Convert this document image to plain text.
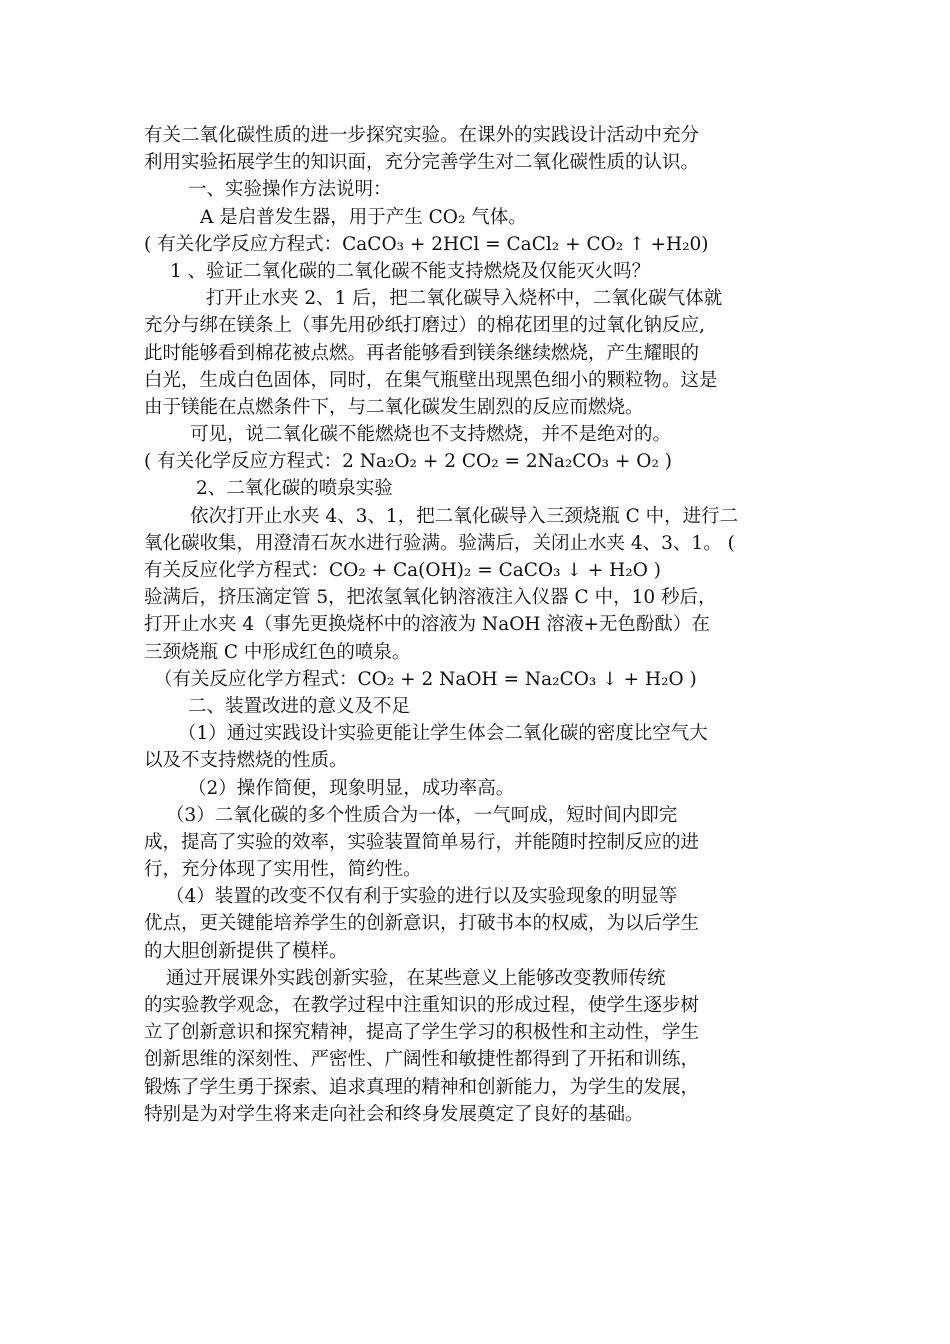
有关二氧化碳性质的进一步探究实验。在课外的实践设计活动中充分
利用实验拓展学生的知识面，充分完善学生对二氧化碳性质的认识。
一、实验操作方法说明：
A 是启普发生器，用于产生 CO₂ 气体。
( 有关化学反应方程式：CaCO₃ + 2HCl = CaCl₂ + CO₂ ↑ +H₂0)
1 、验证二氧化碳的二氧化碳不能支持燃烧及仅能灭火吗？
打开止水夹 2、1 后，把二氧化碳导入烧杯中，二氧化碳气体就
充分与绑在镁条上（事先用砂纸打磨过）的棉花团里的过氧化钠反应,
此时能够看到棉花被点燃。再者能够看到镁条继续燃烧，产生耀眼的
白光，生成白色固体，同时，在集气瓶壁出现黑色细小的颗粒物。这是
由于镁能在点燃条件下，与二氧化碳发生剧烈的反应而燃烧。
可见，说二氧化碳不能燃烧也不支持燃烧，并不是绝对的。
( 有关化学反应方程式：2 Na₂O₂ + 2 CO₂ = 2Na₂CO₃ + O₂ )
2、二氧化碳的喷泉实验
依次打开止水夹 4、3、1，把二氧化碳导入三颈烧瓶 C 中，进行二
氧化碳收集，用澄清石灰水进行验满。验满后，关闭止水夹 4、3、1。 (
有关反应化学方程式：CO₂ + Ca(OH)₂ = CaCO₃ ↓ + H₂O )
验满后，挤压滴定管 5，把浓氢氧化钠溶液注入仪器 C 中，10 秒后，
打开止水夹 4（事先更换烧杯中的溶液为 NaOH 溶液+无色酚酞）在
三颈烧瓶 C 中形成红色的喷泉。
（有关反应化学方程式：CO₂ + 2 NaOH = Na₂CO₃ ↓ + H₂O )
二、装置改进的意义及不足
（1）通过实践设计实验更能让学生体会二氧化碳的密度比空气大
以及不支持燃烧的性质。
（2）操作简便，现象明显，成功率高。
（3）二氧化碳的多个性质合为一体，一气呵成，短时间内即完
成，提高了实验的效率，实验装置简单易行，并能随时控制反应的进
行，充分体现了实用性，简约性。
（4）装置的改变不仅有利于实验的进行以及实验现象的明显等
优点，更关键能培养学生的创新意识，打破书本的权威，为以后学生
的大胆创新提供了模样。
通过开展课外实践创新实验，在某些意义上能够改变教师传统
的实验教学观念，在教学过程中注重知识的形成过程，使学生逐步树
立了创新意识和探究精神，提高了学生学习的积极性和主动性，学生
创新思维的深刻性、严密性、广阔性和敏捷性都得到了开拓和训练，
锻炼了学生勇于探索、追求真理的精神和创新能力，为学生的发展，
特别是为对学生将来走向社会和终身发展奠定了良好的基础。
